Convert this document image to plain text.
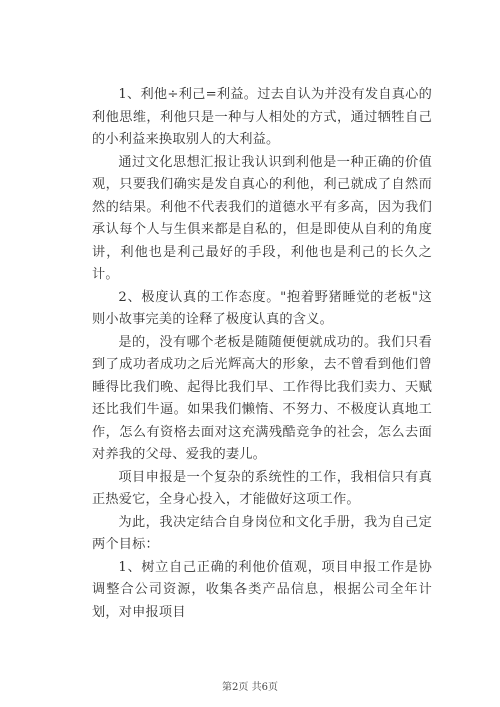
1、利他÷利己=利益。过去自认为并没有发自真心的利他思维，利他只是一种与人相处的方式，通过牺牲自己的小利益来换取别人的大利益。

通过文化思想汇报让我认识到利他是一种正确的价值观，只要我们确实是发自真心的利他，利己就成了自然而然的结果。利他不代表我们的道德水平有多高，因为我们承认每个人与生俱来都是自私的，但是即使从自利的角度讲，利他也是利己最好的手段，利他也是利己的长久之计。

2、极度认真的工作态度。"抱着野猪睡觉的老板"这则小故事完美的诠释了极度认真的含义。

是的，没有哪个老板是随随便便就成功的。我们只看到了成功者成功之后光辉高大的形象，去不曾看到他们曾睡得比我们晚、起得比我们早、工作得比我们卖力、天赋还比我们牛逼。如果我们懒惰、不努力、不极度认真地工作，怎么有资格去面对这充满残酷竞争的社会，怎么去面对养我的父母、爱我的妻儿。

项目申报是一个复杂的系统性的工作，我相信只有真正热爱它，全身心投入，才能做好这项工作。

为此，我决定结合自身岗位和文化手册，我为自己定两个目标：

1、树立自己正确的利他价值观，项目申报工作是协调整合公司资源，收集各类产品信息，根据公司全年计划，对申报项目

第2页 共6页
